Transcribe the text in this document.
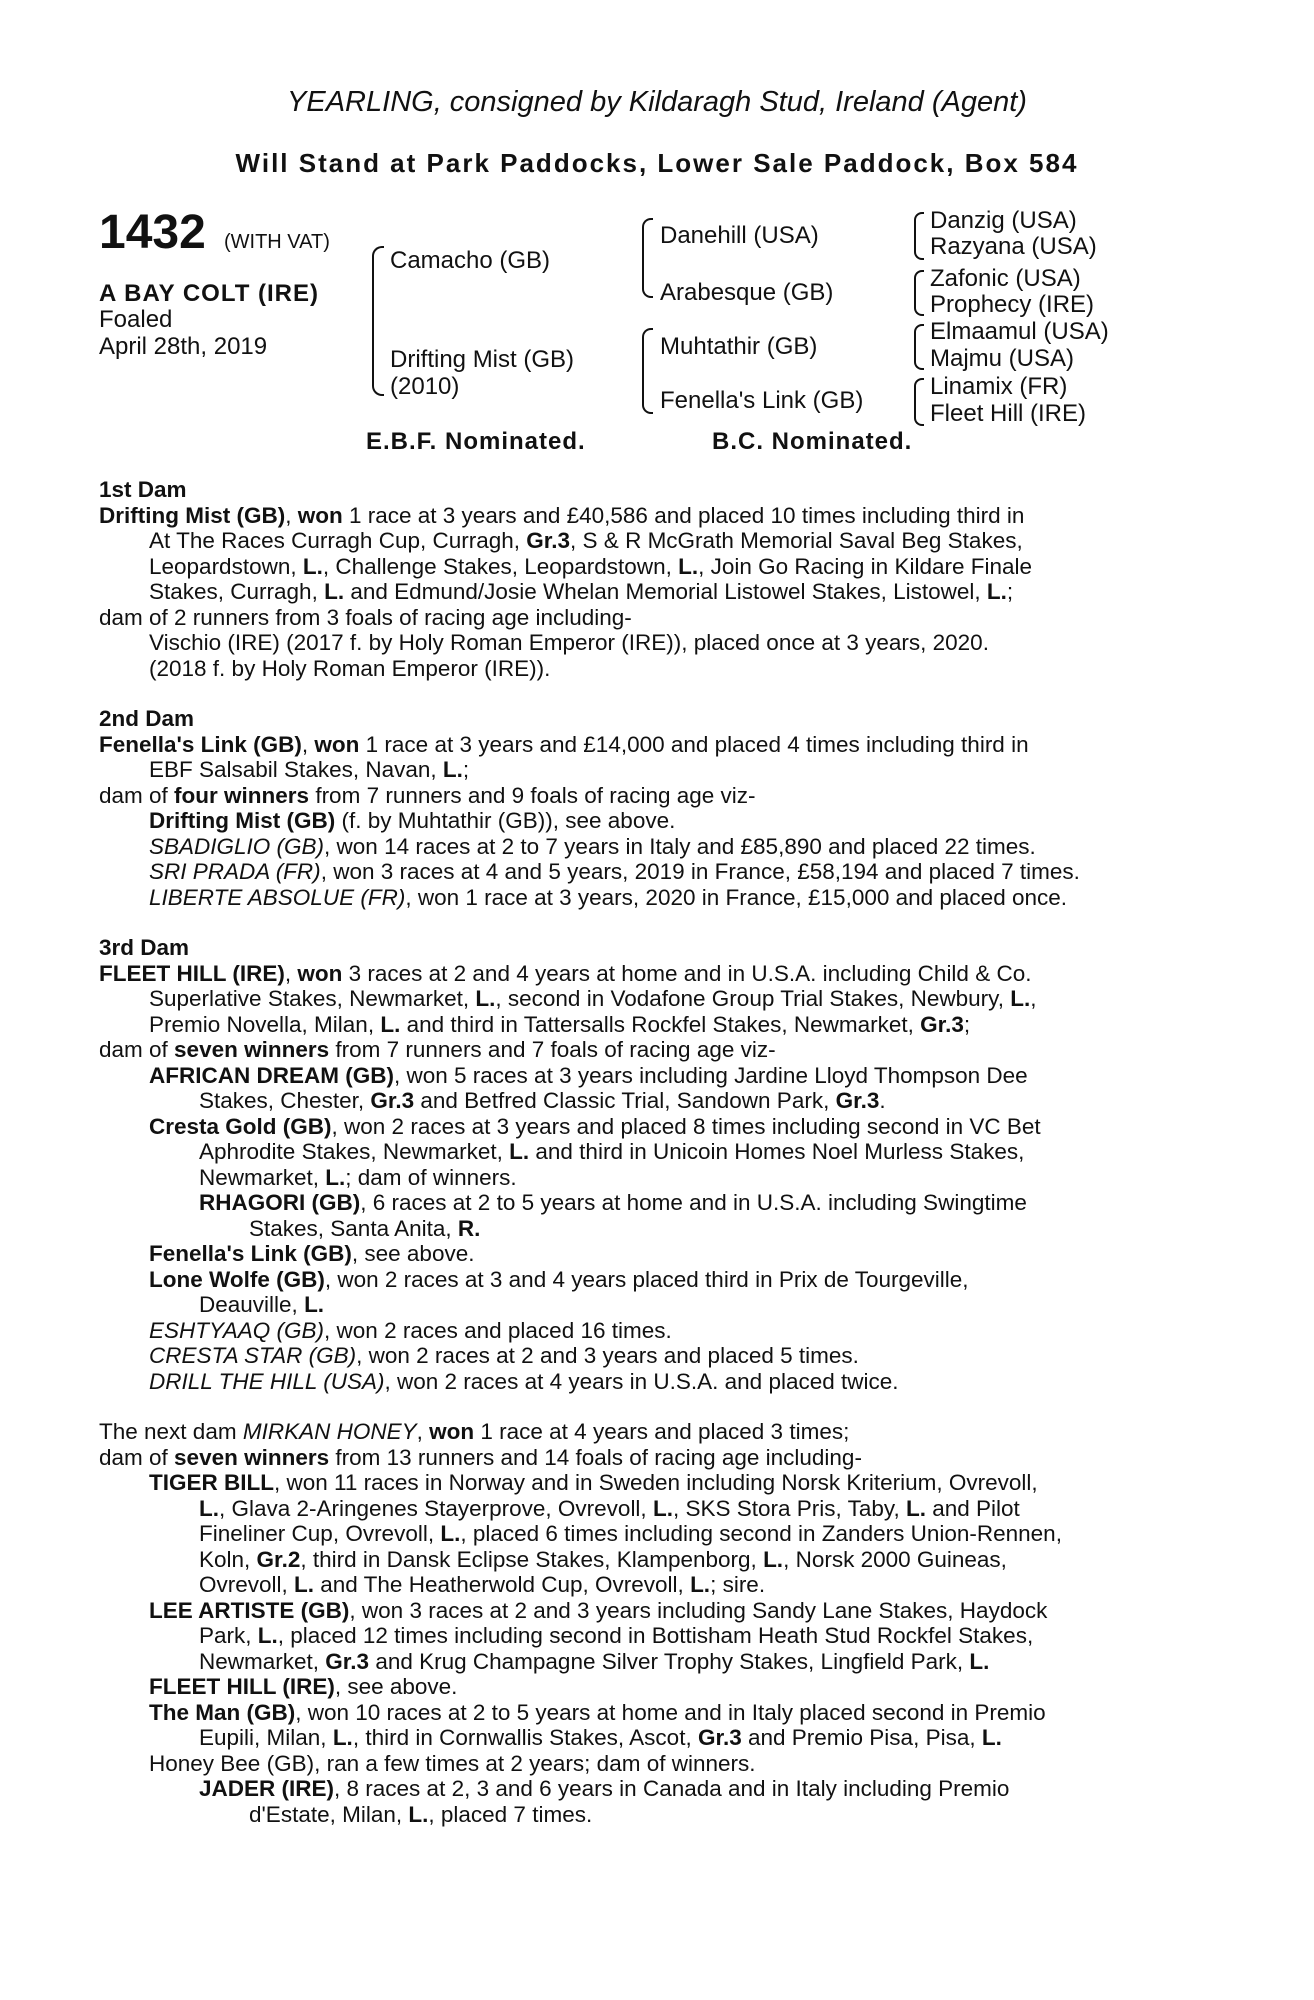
YEARLING, consigned by Kildaragh Stud, Ireland (Agent)
Will Stand at Park Paddocks, Lower Sale Paddock, Box 584
1432 (WITH VAT)
A BAY COLT (IRE)
Foaled
April 28th, 2019
Camacho (GB)
Drifting Mist (GB)
(2010)
Danehill (USA)
Arabesque (GB)
Muhtathir (GB)
Fenella's Link (GB)
Danzig (USA)
Razyana (USA)
Zafonic (USA)
Prophecy (IRE)
Elmaamul (USA)
Majmu (USA)
Linamix (FR)
Fleet Hill (IRE)
E.B.F. Nominated.	B.C. Nominated.

1st Dam

Drifting Mist (GB), won 1 race at 3 years and £40,586 and placed 10 times including third in

At The Races Curragh Cup, Curragh, Gr.3, S & R McGrath Memorial Saval Beg Stakes,

Leopardstown, L., Challenge Stakes, Leopardstown, L., Join Go Racing in Kildare Finale

Stakes, Curragh, L. and Edmund/Josie Whelan Memorial Listowel Stakes, Listowel, L.;

dam of 2 runners from 3 foals of racing age including-

Vischio (IRE) (2017 f. by Holy Roman Emperor (IRE)), placed once at 3 years, 2020.

(2018 f. by Holy Roman Emperor (IRE)).

2nd Dam

Fenella's Link (GB), won 1 race at 3 years and £14,000 and placed 4 times including third in

EBF Salsabil Stakes, Navan, L.;

dam of four winners from 7 runners and 9 foals of racing age viz-

Drifting Mist (GB) (f. by Muhtathir (GB)), see above.

SBADIGLIO (GB), won 14 races at 2 to 7 years in Italy and £85,890 and placed 22 times.

SRI PRADA (FR), won 3 races at 4 and 5 years, 2019 in France, £58,194 and placed 7 times.

LIBERTE ABSOLUE (FR), won 1 race at 3 years, 2020 in France, £15,000 and placed once.

3rd Dam

FLEET HILL (IRE), won 3 races at 2 and 4 years at home and in U.S.A. including Child & Co.

Superlative Stakes, Newmarket, L., second in Vodafone Group Trial Stakes, Newbury, L.,

Premio Novella, Milan, L. and third in Tattersalls Rockfel Stakes, Newmarket, Gr.3;

dam of seven winners from 7 runners and 7 foals of racing age viz-

AFRICAN DREAM (GB), won 5 races at 3 years including Jardine Lloyd Thompson Dee

Stakes, Chester, Gr.3 and Betfred Classic Trial, Sandown Park, Gr.3.

Cresta Gold (GB), won 2 races at 3 years and placed 8 times including second in VC Bet

Aphrodite Stakes, Newmarket, L. and third in Unicoin Homes Noel Murless Stakes,

Newmarket, L.; dam of winners.

RHAGORI (GB), 6 races at 2 to 5 years at home and in U.S.A. including Swingtime

Stakes, Santa Anita, R.

Fenella's Link (GB), see above.

Lone Wolfe (GB), won 2 races at 3 and 4 years placed third in Prix de Tourgeville,

Deauville, L.

ESHTYAAQ (GB), won 2 races and placed 16 times.

CRESTA STAR (GB), won 2 races at 2 and 3 years and placed 5 times.

DRILL THE HILL (USA), won 2 races at 4 years in U.S.A. and placed twice.

The next dam MIRKAN HONEY, won 1 race at 4 years and placed 3 times;

dam of seven winners from 13 runners and 14 foals of racing age including-

TIGER BILL, won 11 races in Norway and in Sweden including Norsk Kriterium, Ovrevoll,

L., Glava 2-Aringenes Stayerprove, Ovrevoll, L., SKS Stora Pris, Taby, L. and Pilot

Fineliner Cup, Ovrevoll, L., placed 6 times including second in Zanders Union-Rennen,

Koln, Gr.2, third in Dansk Eclipse Stakes, Klampenborg, L., Norsk 2000 Guineas,

Ovrevoll, L. and The Heatherwold Cup, Ovrevoll, L.; sire.

LEE ARTISTE (GB), won 3 races at 2 and 3 years including Sandy Lane Stakes, Haydock

Park, L., placed 12 times including second in Bottisham Heath Stud Rockfel Stakes,

Newmarket, Gr.3 and Krug Champagne Silver Trophy Stakes, Lingfield Park, L.

FLEET HILL (IRE), see above.

The Man (GB), won 10 races at 2 to 5 years at home and in Italy placed second in Premio

Eupili, Milan, L., third in Cornwallis Stakes, Ascot, Gr.3 and Premio Pisa, Pisa, L.

Honey Bee (GB), ran a few times at 2 years; dam of winners.

JADER (IRE), 8 races at 2, 3 and 6 years in Canada and in Italy including Premio

d'Estate, Milan, L., placed 7 times.
